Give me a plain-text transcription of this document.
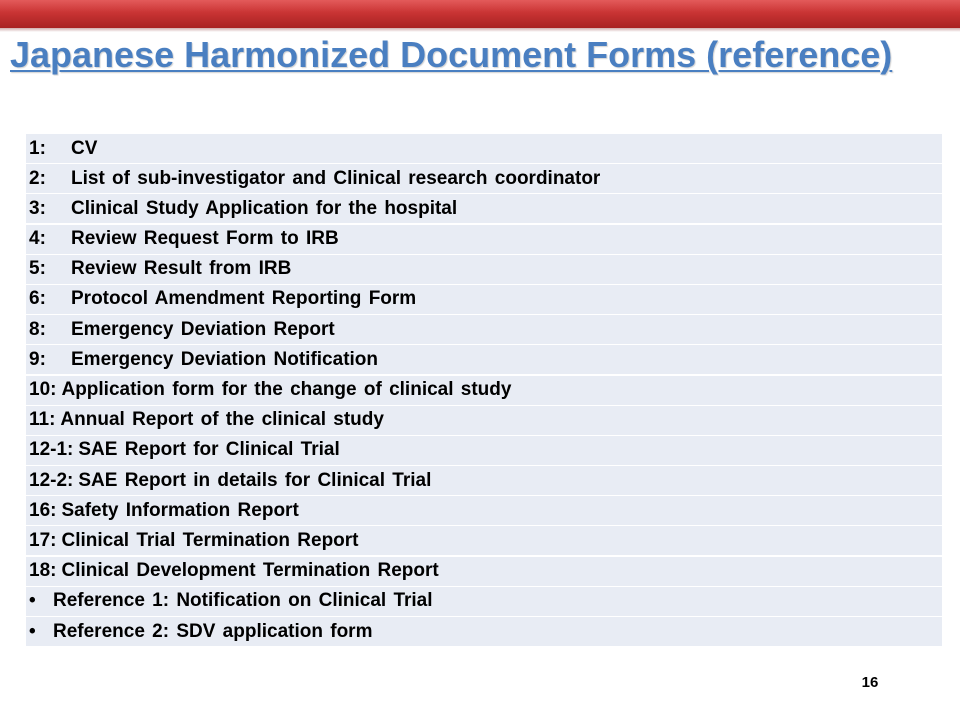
Japanese Harmonized Document Forms (reference)
1:	CV
2:	List of sub-investigator and Clinical research coordinator
3:	Clinical Study Application for the hospital
4:	Review Request Form to IRB
5:	Review Result from IRB
6:	Protocol Amendment Reporting Form
8:	Emergency Deviation Report
9:	Emergency Deviation Notification
10: Application form for the change of clinical study
11: Annual Report of the clinical study
12-1: SAE Report for Clinical Trial
12-2: SAE Report in details for Clinical Trial
16: Safety Information Report
17: Clinical Trial Termination Report
18: Clinical Development Termination Report
• Reference 1: Notification on Clinical Trial
• Reference 2: SDV application form
16
